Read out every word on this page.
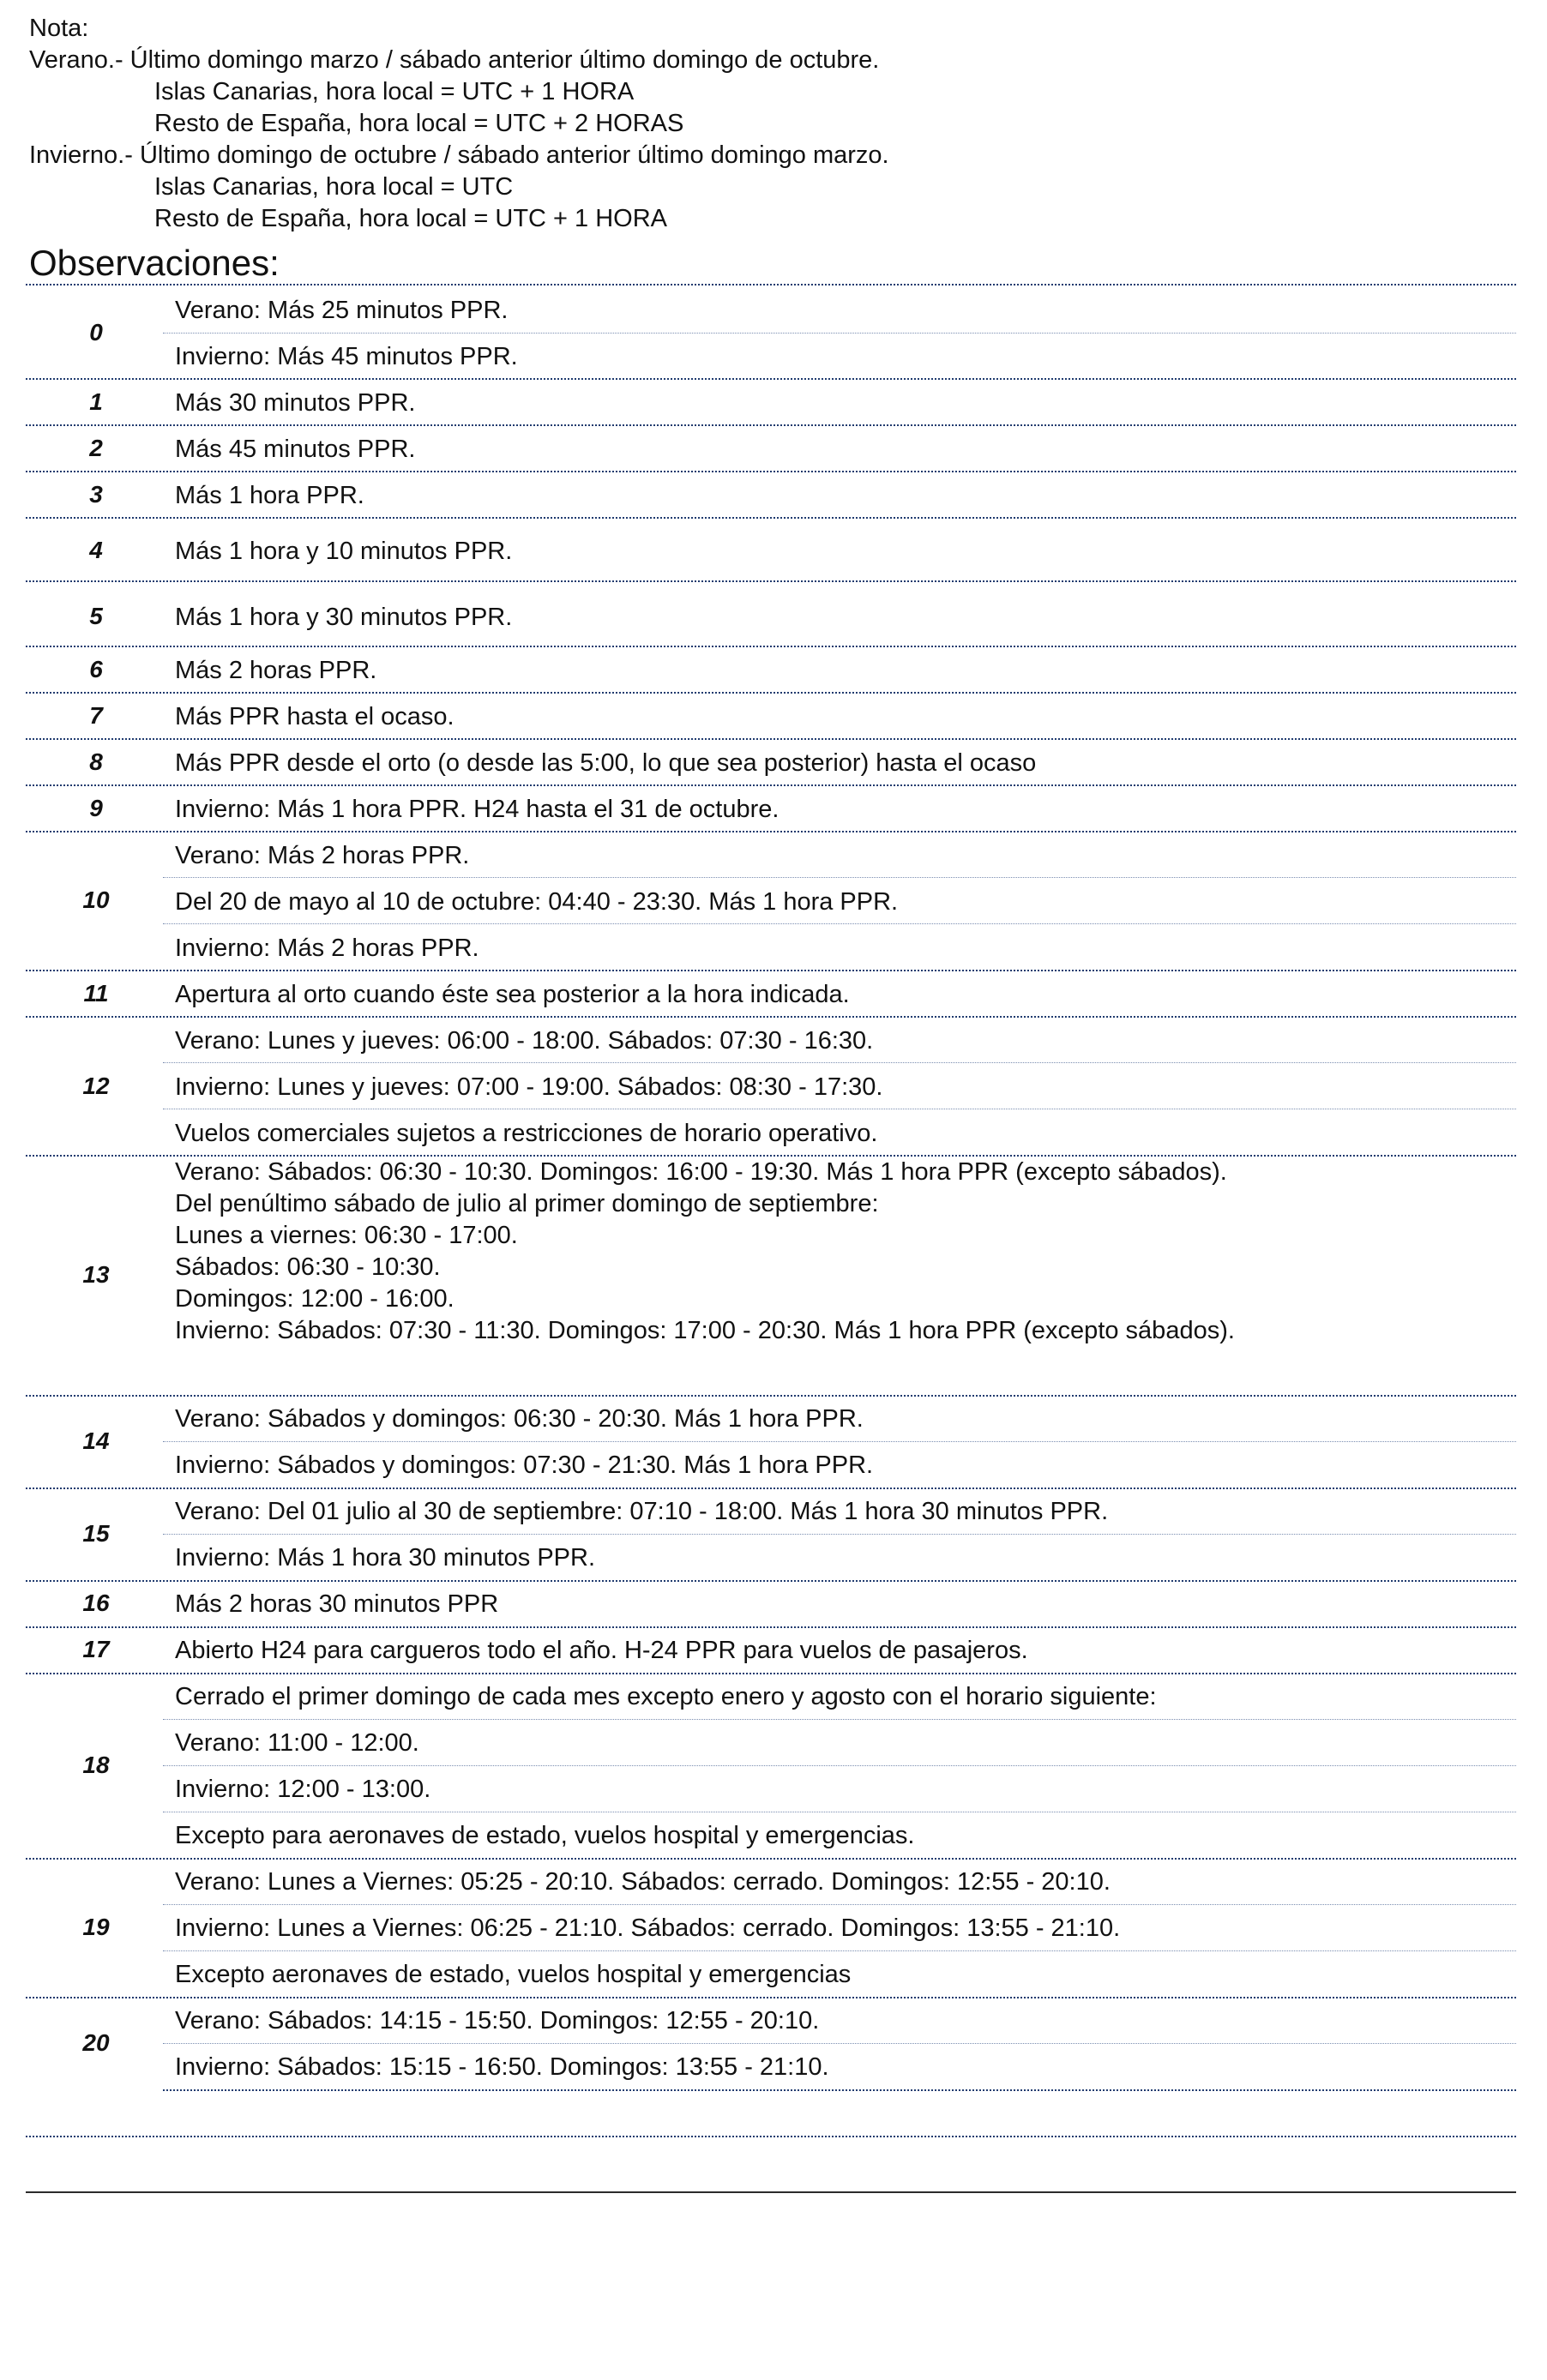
Nota:
Verano.- Último domingo marzo / sábado anterior último domingo de octubre.
Islas Canarias, hora local = UTC + 1 HORA
Resto de España, hora local = UTC + 2 HORAS
Invierno.- Último domingo de octubre / sábado anterior último domingo marzo.
Islas Canarias, hora local = UTC
Resto de España, hora local = UTC + 1 HORA
Observaciones:
0
Verano: Más 25 minutos PPR.
Invierno: Más 45 minutos PPR.
1	Más 30 minutos PPR.
2	Más 45 minutos PPR.
3	Más 1 hora PPR.
4	Más 1 hora y 10 minutos PPR.
5	Más 1 hora y 30 minutos PPR.
6	Más 2 horas PPR.
7	Más PPR hasta el ocaso.
8	Más PPR desde el orto (o desde las 5:00, lo que sea posterior) hasta el ocaso
9	Invierno: Más 1 hora PPR. H24 hasta el 31 de octubre.
10
Verano: Más 2 horas PPR.
Del 20 de mayo al 10 de octubre: 04:40 - 23:30. Más 1 hora PPR.
Invierno: Más 2 horas PPR.
11	Apertura al orto cuando éste sea posterior a la hora indicada.
12
Verano: Lunes y jueves: 06:00 - 18:00. Sábados: 07:30 - 16:30.
Invierno: Lunes y jueves: 07:00 - 19:00. Sábados: 08:30 - 17:30.
Vuelos comerciales sujetos a restricciones de horario operativo.
13
Verano: Sábados: 06:30 - 10:30. Domingos: 16:00 - 19:30. Más 1 hora PPR (excepto sábados).
Del penúltimo sábado de julio al primer domingo de septiembre:
Lunes a viernes: 06:30 - 17:00.
Sábados: 06:30 - 10:30.
Domingos: 12:00 - 16:00.
Invierno: Sábados: 07:30 - 11:30. Domingos: 17:00 - 20:30. Más 1 hora PPR (excepto sábados).
14
Verano: Sábados y domingos: 06:30 - 20:30. Más 1 hora PPR.
Invierno: Sábados y domingos: 07:30 - 21:30. Más 1 hora PPR.
15
Verano: Del 01 julio al 30 de septiembre: 07:10 - 18:00. Más 1 hora 30 minutos PPR.
Invierno: Más 1 hora 30 minutos PPR.
16	Más 2 horas 30 minutos PPR
17	Abierto H24 para cargueros todo el año. H-24 PPR para vuelos de pasajeros.
18
Cerrado el primer domingo de cada mes excepto enero y agosto con el horario siguiente:
Verano: 11:00 - 12:00.
Invierno: 12:00 - 13:00.
Excepto para aeronaves de estado, vuelos hospital y emergencias.
19
Verano: Lunes a Viernes: 05:25 - 20:10. Sábados: cerrado. Domingos: 12:55 - 20:10.
Invierno: Lunes a Viernes: 06:25 - 21:10. Sábados: cerrado. Domingos: 13:55 - 21:10.
Excepto aeronaves de estado, vuelos hospital y emergencias
20
Verano: Sábados: 14:15 - 15:50. Domingos: 12:55 - 20:10.
Invierno: Sábados: 15:15 - 16:50. Domingos: 13:55 - 21:10.
